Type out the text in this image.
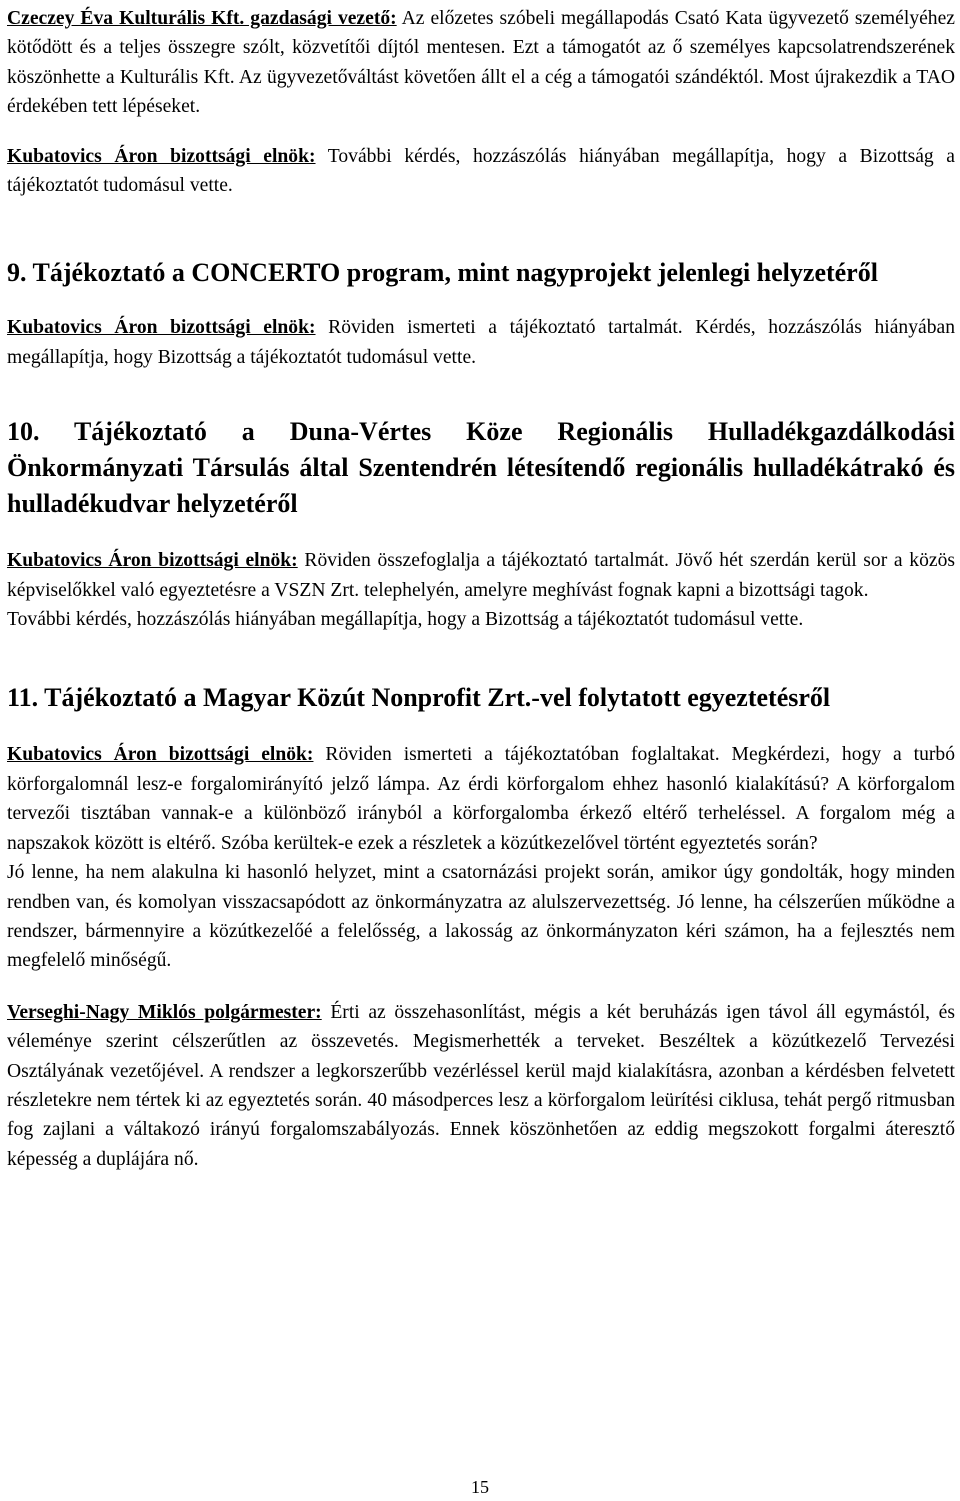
Czeczey Éva Kulturális Kft. gazdasági vezető: Az előzetes szóbeli megállapodás Csató Kata ügyvezető személyéhez kötődött és a teljes összegre szólt, közvetítői díjtól mentesen. Ezt a támogatót az ő személyes kapcsolatrendszerének köszönhette a Kulturális Kft. Az ügyvezetőváltást követően állt el a cég a támogatói szándéktól. Most újrakezdik a TAO érdekében tett lépéseket.

Kubatovics Áron bizottsági elnök: További kérdés, hozzászólás hiányában megállapítja, hogy a Bizottság a tájékoztatót tudomásul vette.

9. Tájékoztató a CONCERTO program, mint nagyprojekt jelenlegi helyzetéről

Kubatovics Áron bizottsági elnök: Röviden ismerteti a tájékoztató tartalmát. Kérdés, hozzászólás hiányában megállapítja, hogy Bizottság a tájékoztatót tudomásul vette.

10. Tájékoztató a Duna-Vértes Köze Regionális Hulladékgazdálkodási Önkormányzati Társulás által Szentendrén létesítendő regionális hulladékátrakó és hulladékudvar helyzetéről

Kubatovics Áron bizottsági elnök: Röviden összefoglalja a tájékoztató tartalmát. Jövő hét szerdán kerül sor a közös képviselőkkel való egyeztetésre a VSZN Zrt. telephelyén, amelyre meghívást fognak kapni a bizottsági tagok.

További kérdés, hozzászólás hiányában megállapítja, hogy a Bizottság a tájékoztatót tudomásul vette.

11. Tájékoztató a Magyar Közút Nonprofit Zrt.-vel folytatott egyeztetésről

Kubatovics Áron bizottsági elnök: Röviden ismerteti a tájékoztatóban foglaltakat. Megkérdezi, hogy a turbó körforgalomnál lesz-e forgalomirányító jelző lámpa. Az érdi körforgalom ehhez hasonló kialakítású? A körforgalom tervezői tisztában vannak-e a különböző irányból a körforgalomba érkező eltérő terheléssel. A forgalom még a napszakok között is eltérő. Szóba kerültek-e ezek a részletek a közútkezelővel történt egyeztetés során?

Jó lenne, ha nem alakulna ki hasonló helyzet, mint a csatornázási projekt során, amikor úgy gondolták, hogy minden rendben van, és komolyan visszacsapódott az önkormányzatra az alulszervezettség. Jó lenne, ha célszerűen működne a rendszer, bármennyire a közútkezelőé a felelősség, a lakosság az önkormányzaton kéri számon, ha a fejlesztés nem megfelelő minőségű.

Verseghi-Nagy Miklós polgármester: Érti az összehasonlítást, mégis a két beruházás igen távol áll egymástól, és véleménye szerint célszerűtlen az összevetés. Megismerhették a terveket. Beszéltek a közútkezelő Tervezési Osztályának vezetőjével. A rendszer a legkorszerűbb vezérléssel kerül majd kialakításra, azonban a kérdésben felvetett részletekre nem tértek ki az egyeztetés során. 40 másodperces lesz a körforgalom leürítési ciklusa, tehát pergő ritmusban fog zajlani a váltakozó irányú forgalomszabályozás. Ennek köszönhetően az eddig megszokott forgalmi áteresztő képesség a duplájára nő.

15
